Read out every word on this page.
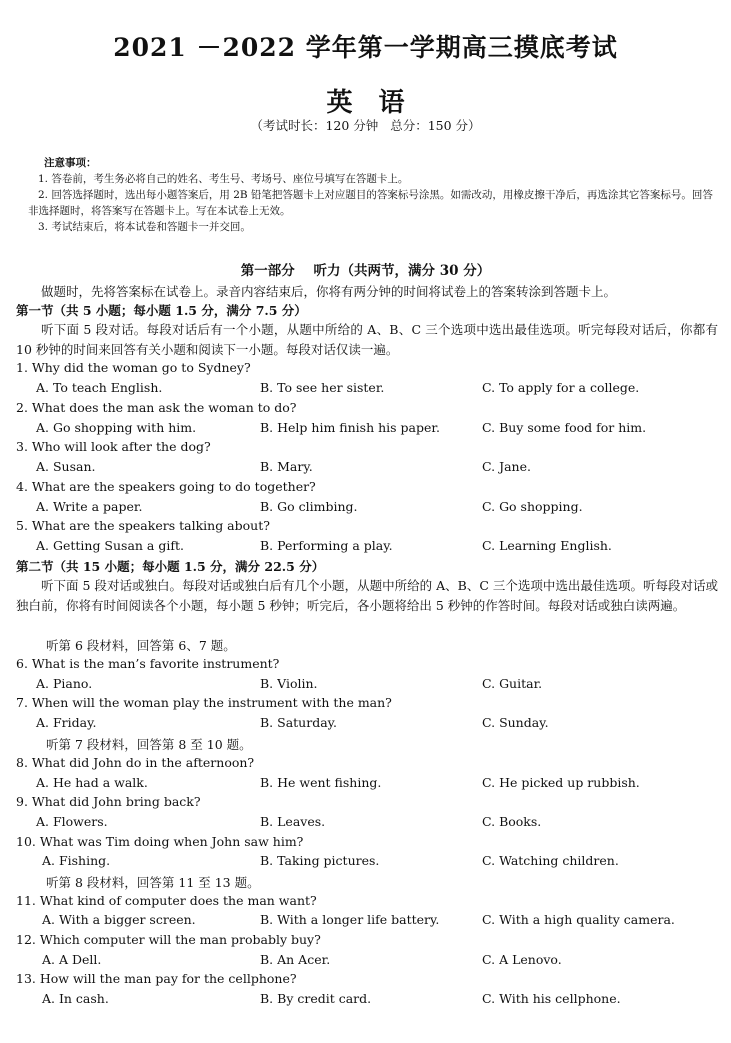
2021 －2022 学年第一学期高三摸底考试
英语
（考试时长：120 分钟   总分：150 分）
注意事项：
1. 答卷前，考生务必将自己的姓名、考生号、考场号、座位号填写在答题卡上。
2. 回答选择题时，选出每小题答案后，用 2B 铅笔把答题卡上对应题目的答案标号涂黑。如需改动，用橡皮擦干净后，再选涂其它答案标号。回答非选择题时，将答案写在答题卡上。写在本试卷上无效。
3. 考试结束后，将本试卷和答题卡一并交回。
第一部分    听力（共两节，满分 30 分）
做题时，先将答案标在试卷上。录音内容结束后，你将有两分钟的时间将试卷上的答案转涂到答题卡上。
第一节（共 5 小题；每小题 1.5 分，满分 7.5 分）
听下面 5 段对话。每段对话后有一个小题，从题中所给的 A、B、C 三个选项中选出最佳选项。听完每段对话后，你都有 10 秒钟的时间来回答有关小题和阅读下一小题。每段对话仅读一遍。
1. Why did the woman go to Sydney?
A. To teach English.	B. To see her sister.	C. To apply for a college.
2. What does the man ask the woman to do?
A. Go shopping with him.	B. Help him finish his paper.	C. Buy some food for him.
3. Who will look after the dog?
A. Susan.	B. Mary.	C. Jane.
4. What are the speakers going to do together?
A. Write a paper.	B. Go climbing.	C. Go shopping.
5. What are the speakers talking about?
A. Getting Susan a gift.	B. Performing a play.	C. Learning English.
第二节（共 15 小题；每小题 1.5 分，满分 22.5 分）
听下面 5 段对话或独白。每段对话或独白后有几个小题，从题中所给的 A、B、C 三个选项中选出最佳选项。听每段对话或独白前，你将有时间阅读各个小题，每小题 5 秒钟；听完后，各小题将给出 5 秒钟的作答时间。每段对话或独白读两遍。
听第 6 段材料，回答第 6、7 题。
6. What is the man’s favorite instrument?
A. Piano.	B. Violin.	C. Guitar.
7. When will the woman play the instrument with the man?
A. Friday.	B. Saturday.	C. Sunday.
听第 7 段材料，回答第 8 至 10 题。
8. What did John do in the afternoon?
A. He had a walk.	B. He went fishing.	C. He picked up rubbish.
9. What did John bring back?
A. Flowers.	B. Leaves.	C. Books.
10. What was Tim doing when John saw him?
A. Fishing.	B. Taking pictures.	C. Watching children.
听第 8 段材料，回答第 11 至 13 题。
11. What kind of computer does the man want?
A. With a bigger screen.	B. With a longer life battery.	C. With a high quality camera.
12. Which computer will the man probably buy?
A. A Dell.	B. An Acer.	C. A Lenovo.
13. How will the man pay for the cellphone?
A. In cash.	B. By credit card.	C. With his cellphone.
